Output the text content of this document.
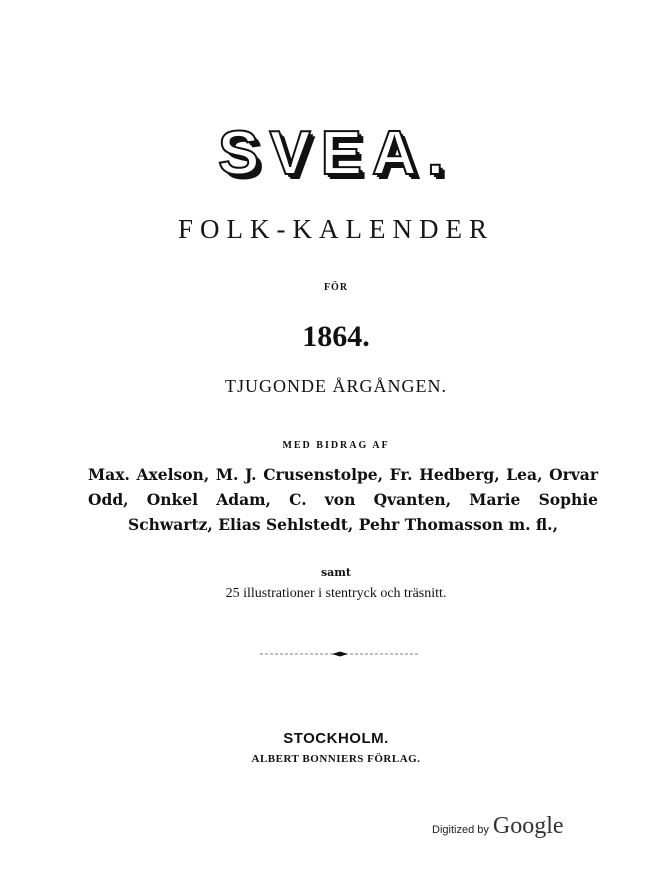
SVEA.
FOLK-KALENDER
FÖR
1864.
TJUGONDE ÅRGÅNGEN.
MED BIDRAG AF
Max. Axelson, M. J. Crusenstolpe, Fr. Hedberg, Lea, Orvar Odd, Onkel Adam, C. von Qvanten, Marie Sophie Schwartz, Elias Sehlstedt, Pehr Thomasson m. fl.,
samt
25 illustrationer i stentryck och träsnitt.
STOCKHOLM.
ALBERT BONNIERS FÖRLAG.
Digitized by Google
